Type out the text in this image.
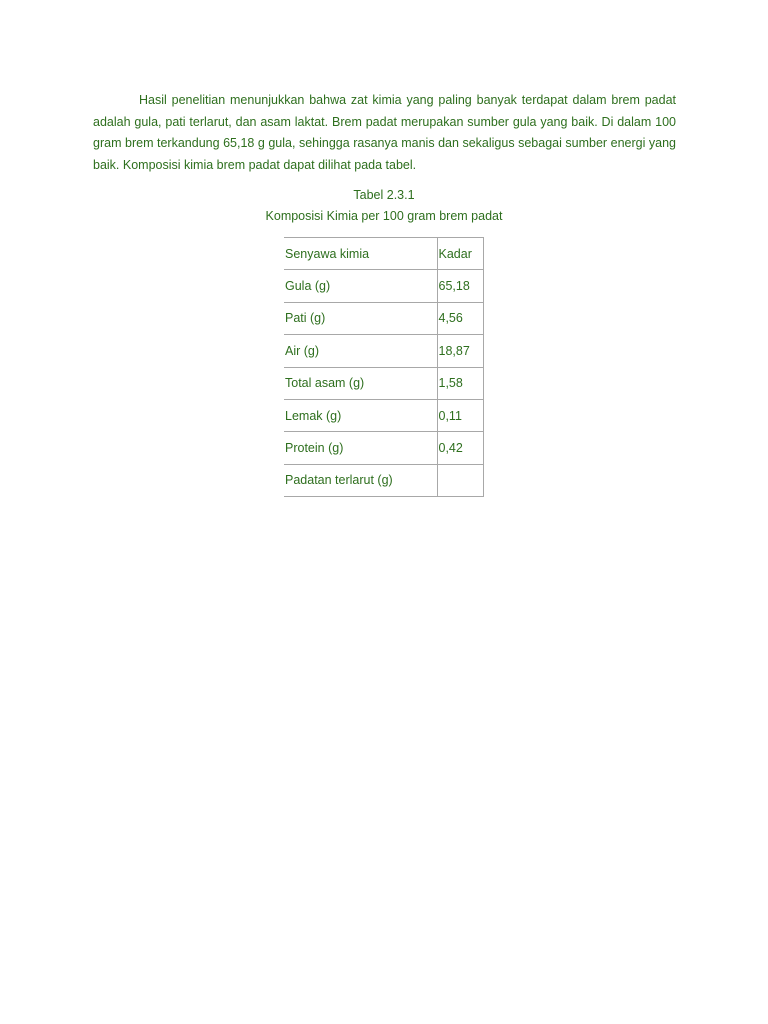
Hasil penelitian menunjukkan bahwa zat kimia yang paling banyak terdapat dalam brem padat adalah gula, pati terlarut, dan asam laktat. Brem padat merupakan sumber gula yang baik. Di dalam 100 gram brem terkandung 65,18 g gula, sehingga rasanya manis dan sekaligus sebagai sumber energi yang baik. Komposisi kimia brem padat dapat dilihat pada tabel.

Tabel 2.3.1

Komposisi Kimia per 100 gram brem padat

Senyawa kimia	Kadar
Gula (g)	65,18
Pati (g)	4,56
Air (g)	18,87
Total asam (g)	1,58
Lemak (g)	0,11
Protein (g)	0,42
Padatan terlarut (g)	
